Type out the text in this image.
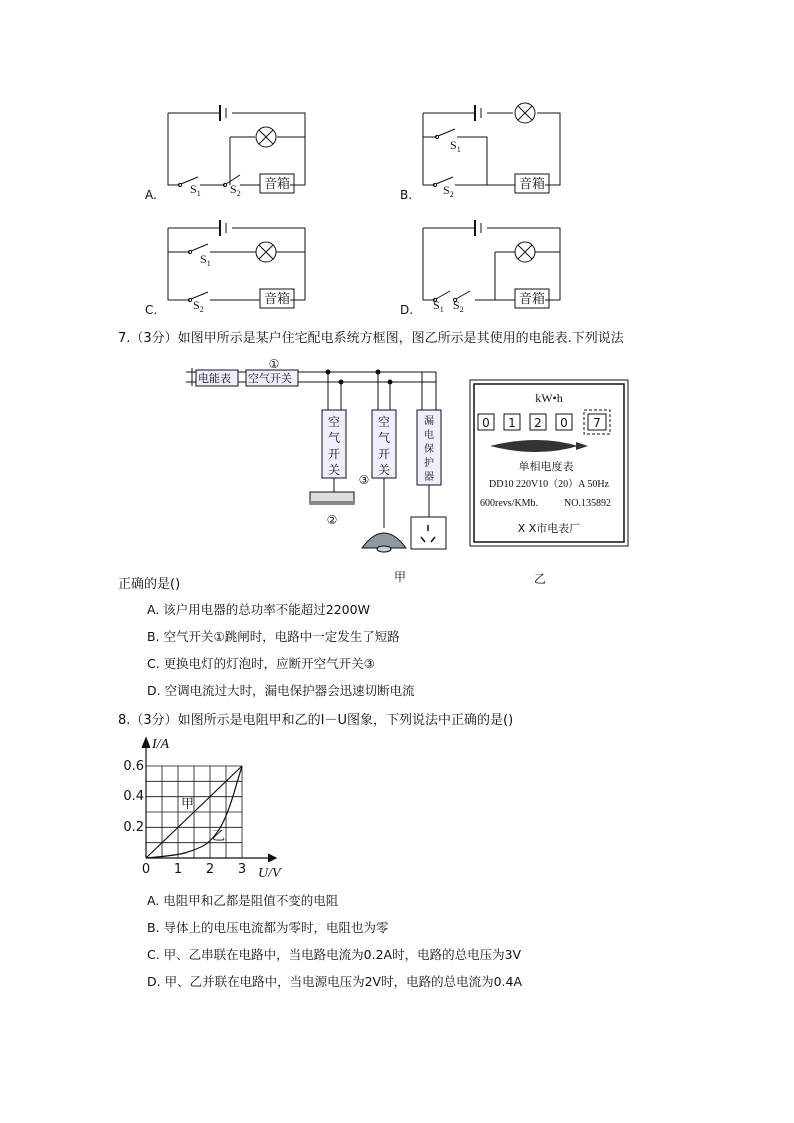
A.	$S_1$ $S_2$
音箱
B.
$S_1$
$S_2$
音箱
C.
$S_1$
$S_2$
音箱
D. $S_1$ $S_2$
音箱
7.（3分）如图甲所示是某户住宅配电系统方框图，图乙所示是其使用的电能表.下列说法
电能表 空气开关
①
空
气
开
关
空
气
开
关
漏
电
保
护
器
②
③
甲
kW•h
0 1 2 0 7
单相电度表
DD10 220V10（20）A 50Hz
600revs/KMb.	NO.135892
X X市电表厂
乙
正确的是()
A. 该户用电器的总功率不能超过2200W
B. 空气开关①跳闸时，电路中一定发生了短路
C. 更换电灯的灯泡时，应断开空气开关③
D. 空调电流过大时，漏电保护器会迅速切断电流
8.（3分）如图所示是电阻甲和乙的I－U图象，下列说法中正确的是()
I/A
U/V
0.6
0.4
0.2
0 1 2 3
甲
乙
A. 电阻甲和乙都是阻值不变的电阻
B. 导体上的电压电流都为零时，电阻也为零
C. 甲、乙串联在电路中，当电路电流为0.2A时，电路的总电压为3V
D. 甲、乙并联在电路中，当电源电压为2V时，电路的总电流为0.4A
